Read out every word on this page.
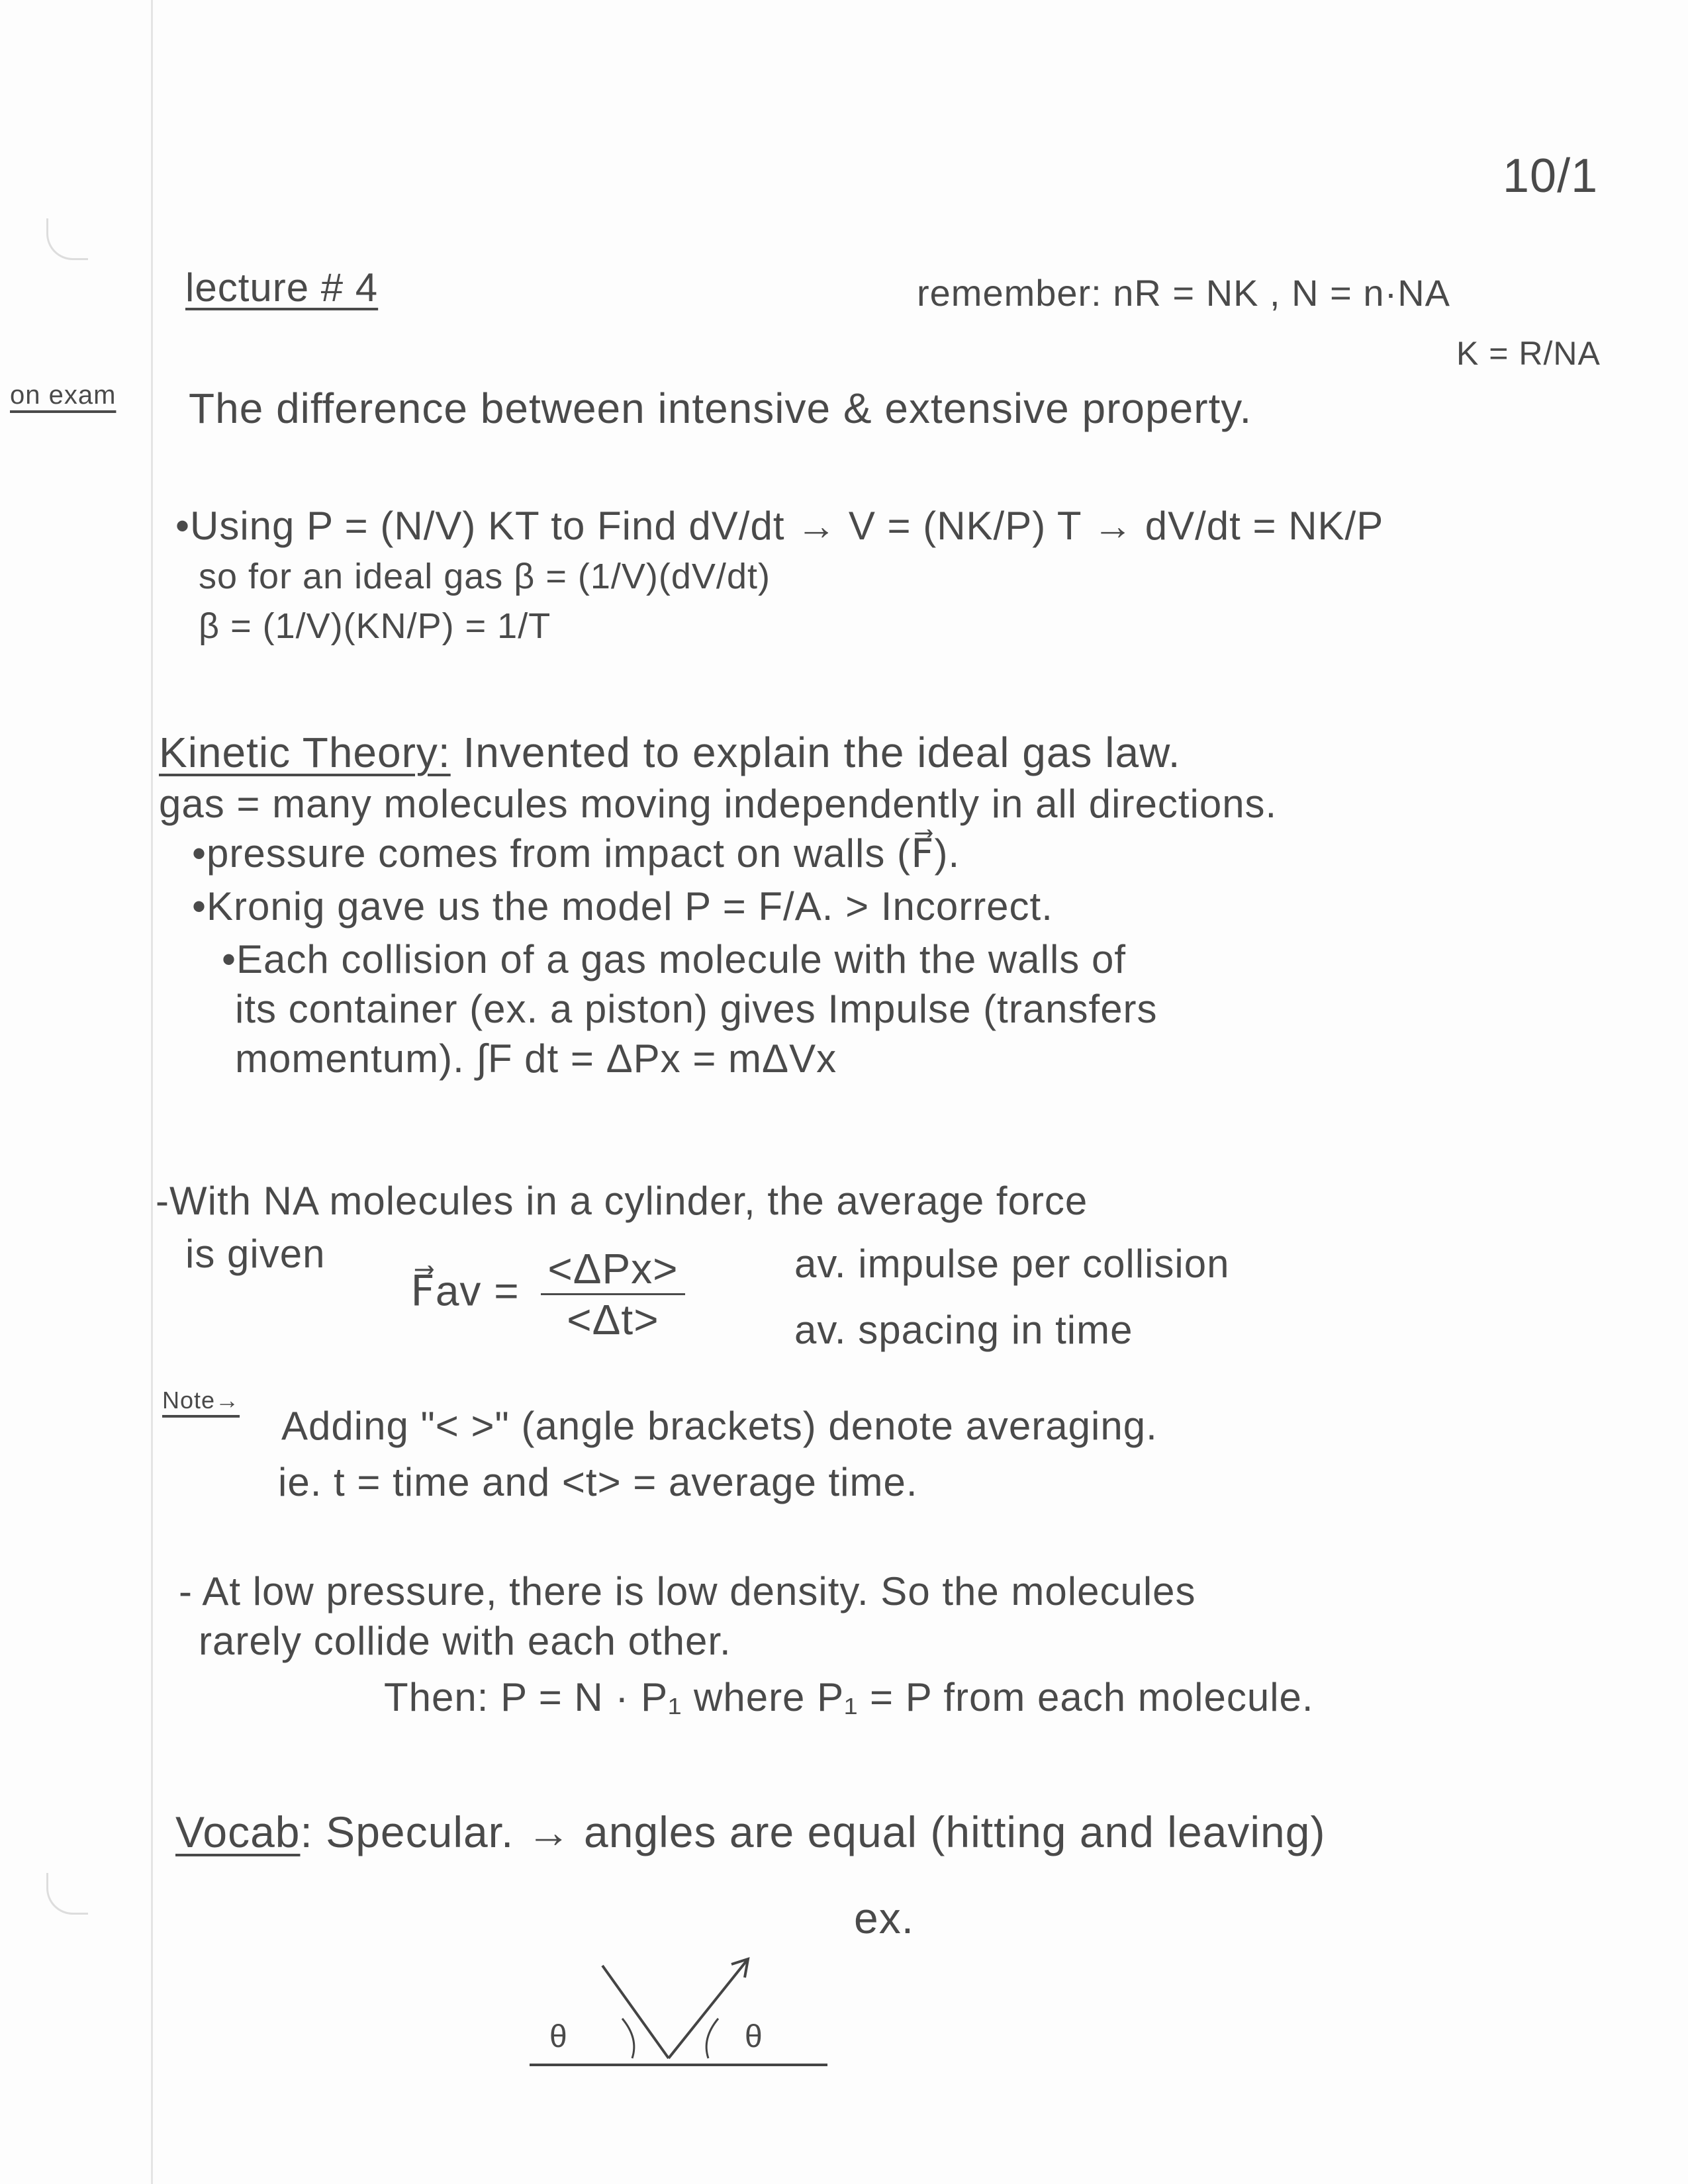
10/1
lecture # 4	remember: nR = NK , N = n·NA
K = R/NA
on exam The difference between intensive & extensive property.
•Using P = (N/V) KT to Find dV/dt → V = (NK/P) T → dV/dt = NK/P
so for an ideal gas β = (1/V)(dV/dt)
β = (1/V)(KN/P) = 1/T
Kinetic Theory: Invented to explain the ideal gas law.
gas = many molecules moving independently in all directions.
•pressure comes from impact on walls (F⃗).
•Kronig gave us the model P = F/A. > Incorrect.
•Each collision of a gas molecule with the walls of
its container (ex. a piston) gives Impulse (transfers
momentum). ∫F dt = ΔPx = mΔVx
-With NA molecules in a cylinder, the average force
is given
F⃗av = $\frac{\text{<ΔPx>}}{<\Delta t>}$	av. impulse per collision
av. spacing in time
Note→
Adding "< >" (angle brackets) denote averaging.
ie. t = time and <t> = average time.
- At low pressure, there is low density. So the molecules
rarely collide with each other.
Then: P = N · P₁ where P₁ = P from each molecule.
Vocab: Specular. → angles are equal (hitting and leaving)
ex.
θ	θ
